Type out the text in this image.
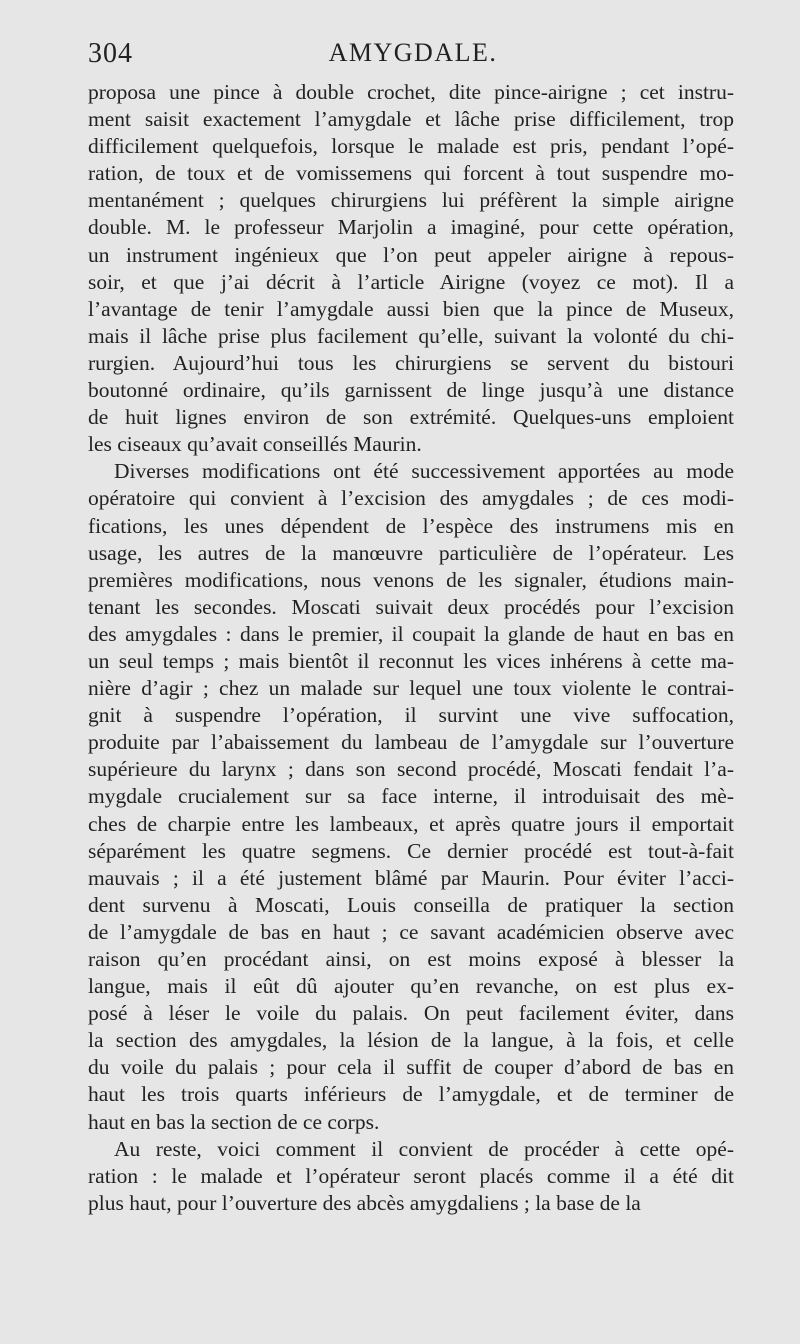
304	AMYGDALE.
proposa une pince à double crochet, dite pince-airigne ; cet instru-
ment saisit exactement l’amygdale et lâche prise difficilement, trop
difficilement quelquefois, lorsque le malade est pris, pendant l’opé-
ration, de toux et de vomissemens qui forcent à tout suspendre mo-
mentanément ; quelques chirurgiens lui préfèrent la simple airigne
double. M. le professeur Marjolin a imaginé, pour cette opération,
un instrument ingénieux que l’on peut appeler airigne à repous-
soir, et que j’ai décrit à l’article Airigne (voyez ce mot). Il a
l’avantage de tenir l’amygdale aussi bien que la pince de Museux,
mais il lâche prise plus facilement qu’elle, suivant la volonté du chi-
rurgien. Aujourd’hui tous les chirurgiens se servent du bistouri
boutonné ordinaire, qu’ils garnissent de linge jusqu’à une distance
de huit lignes environ de son extrémité. Quelques-uns emploient
les ciseaux qu’avait conseillés Maurin.
Diverses modifications ont été successivement apportées au mode
opératoire qui convient à l’excision des amygdales ; de ces modi-
fications, les unes dépendent de l’espèce des instrumens mis en
usage, les autres de la manœuvre particulière de l’opérateur. Les
premières modifications, nous venons de les signaler, étudions main-
tenant les secondes. Moscati suivait deux procédés pour l’excision
des amygdales : dans le premier, il coupait la glande de haut en bas en
un seul temps ; mais bientôt il reconnut les vices inhérens à cette ma-
nière d’agir ; chez un malade sur lequel une toux violente le contrai-
gnit à suspendre l’opération, il survint une vive suffocation,
produite par l’abaissement du lambeau de l’amygdale sur l’ouverture
supérieure du larynx ; dans son second procédé, Moscati fendait l’a-
mygdale crucialement sur sa face interne, il introduisait des mè-
ches de charpie entre les lambeaux, et après quatre jours il emportait
séparément les quatre segmens. Ce dernier procédé est tout-à-fait
mauvais ; il a été justement blâmé par Maurin. Pour éviter l’acci-
dent survenu à Moscati, Louis conseilla de pratiquer la section
de l’amygdale de bas en haut ; ce savant académicien observe avec
raison qu’en procédant ainsi, on est moins exposé à blesser la
langue, mais il eût dû ajouter qu’en revanche, on est plus ex-
posé à léser le voile du palais. On peut facilement éviter, dans
la section des amygdales, la lésion de la langue, à la fois, et celle
du voile du palais ; pour cela il suffit de couper d’abord de bas en
haut les trois quarts inférieurs de l’amygdale, et de terminer de
haut en bas la section de ce corps.
Au reste, voici comment il convient de procéder à cette opé-
ration : le malade et l’opérateur seront placés comme il a été dit
plus haut, pour l’ouverture des abcès amygdaliens ; la base de la
